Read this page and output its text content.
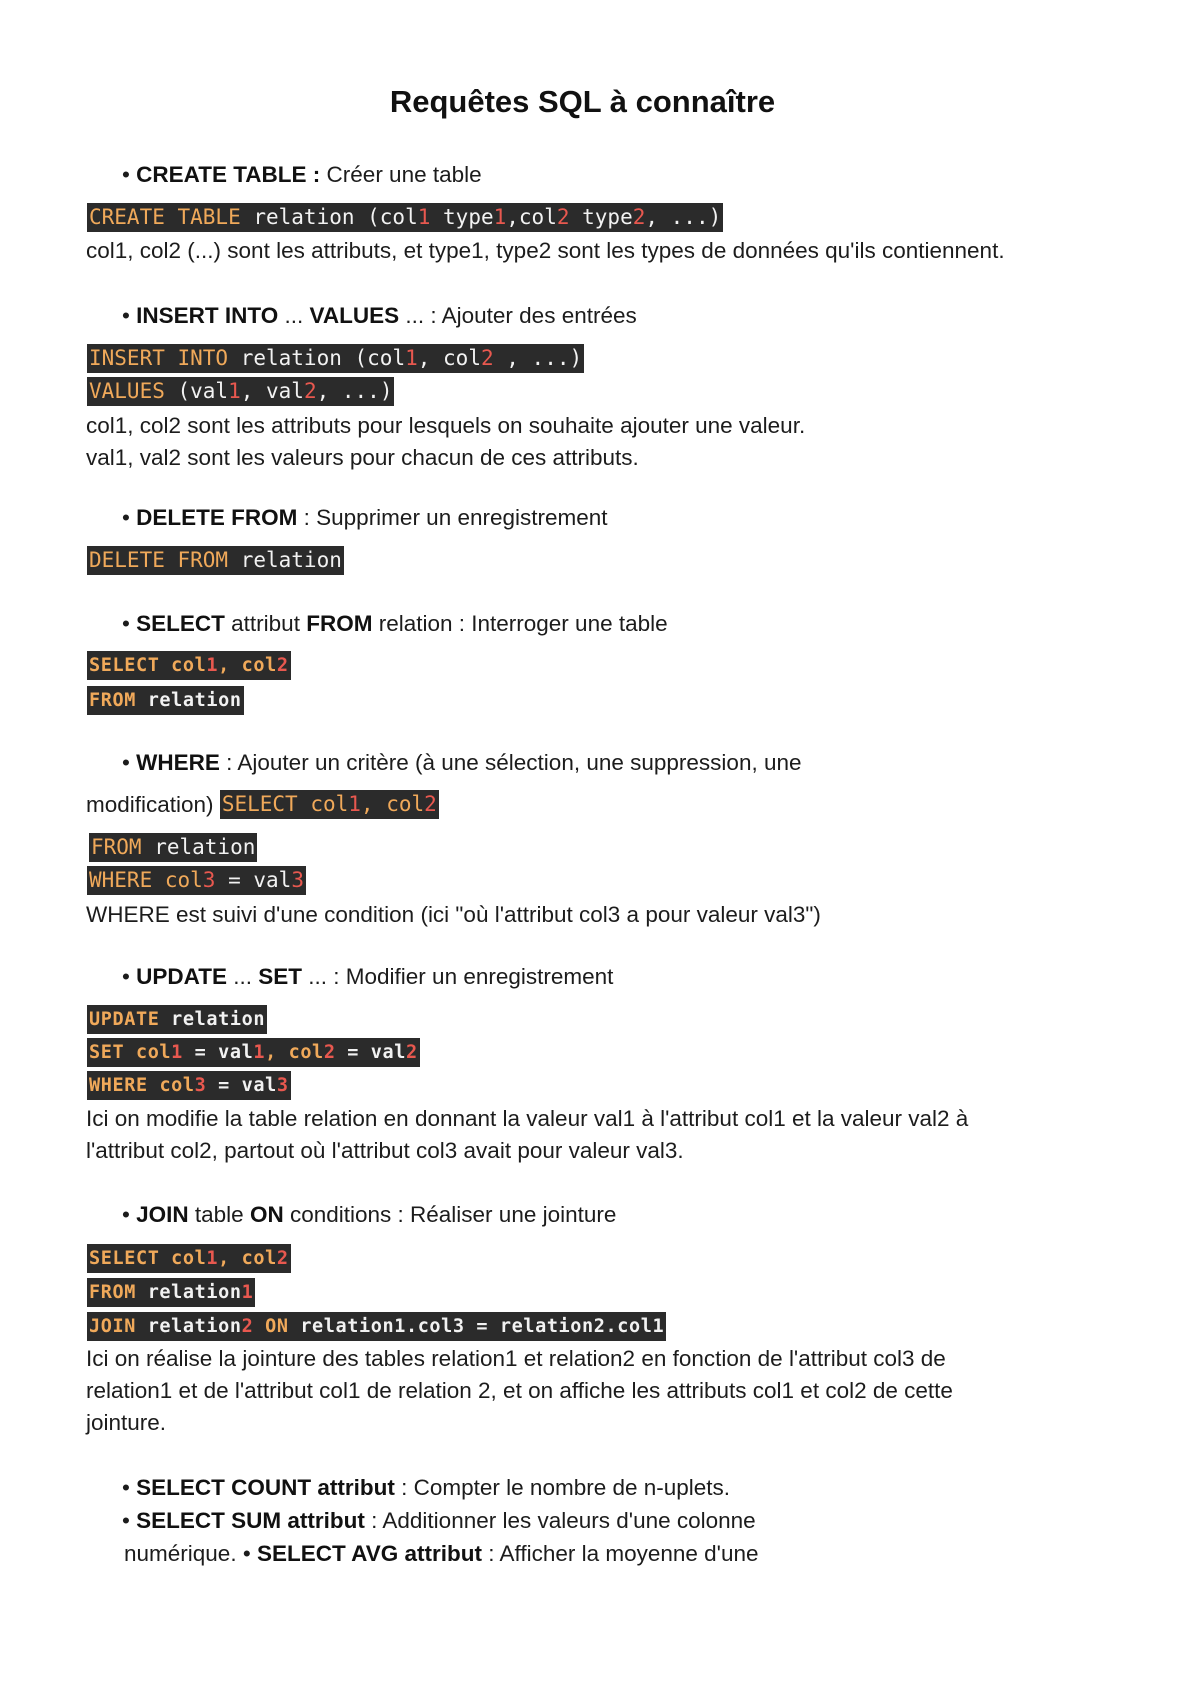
Requêtes SQL à connaître
• CREATE TABLE : Créer une table
CREATE TABLE relation (col1 type1,col2 type2, ...)
col1, col2 (...) sont les attributs, et type1, type2 sont les types de données qu'ils contiennent.
• INSERT INTO ... VALUES ... : Ajouter des entrées
INSERT INTO relation (col1, col2 , ...)
VALUES (val1, val2, ...)
col1, col2 sont les attributs pour lesquels on souhaite ajouter une valeur.
val1, val2 sont les valeurs pour chacun de ces attributs.
• DELETE FROM : Supprimer un enregistrement
DELETE FROM relation
• SELECT attribut FROM relation : Interroger une table
SELECT col1, col2
FROM relation
• WHERE : Ajouter un critère (à une sélection, une suppression, une
modification) SELECT col1, col2
FROM relation
WHERE col3 = val3
WHERE est suivi d'une condition (ici "où l'attribut col3 a pour valeur val3")
• UPDATE ... SET ... : Modifier un enregistrement
UPDATE relation
SET col1 = val1, col2 = val2
WHERE col3 = val3
Ici on modifie la table relation en donnant la valeur val1 à l'attribut col1 et la valeur val2 à
l'attribut col2, partout où l'attribut col3 avait pour valeur val3.
• JOIN table ON conditions : Réaliser une jointure
SELECT col1, col2
FROM relation1
JOIN relation2 ON relation1.col3 = relation2.col1
Ici on réalise la jointure des tables relation1 et relation2 en fonction de l'attribut col3 de
relation1 et de l'attribut col1 de relation 2, et on affiche les attributs col1 et col2 de cette
jointure.
• SELECT COUNT attribut : Compter le nombre de n-uplets.
• SELECT SUM attribut : Additionner les valeurs d'une colonne
numérique. • SELECT AVG attribut : Afficher la moyenne d'une
